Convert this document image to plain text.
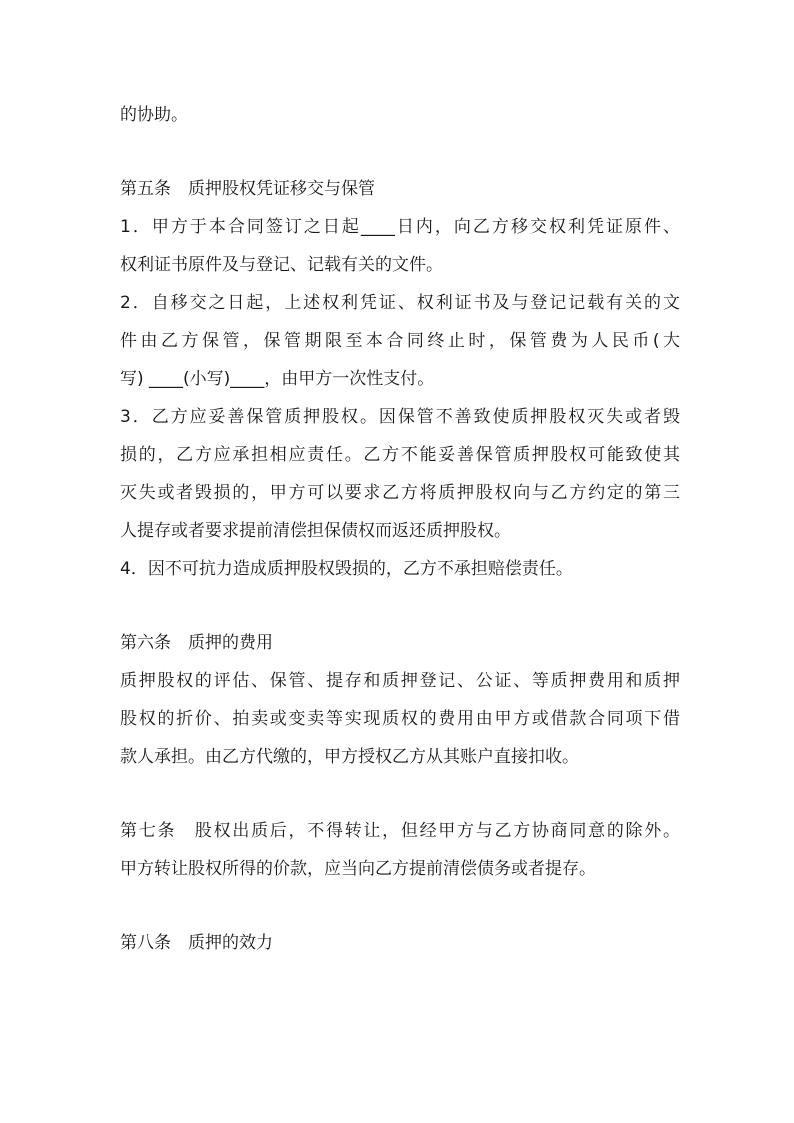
的协助。
第五条　质押股权凭证移交与保管
1．甲方于本合同签订之日起____日内，向乙方移交权利凭证原件、
权利证书原件及与登记、记载有关的文件。
2．自移交之日起，上述权利凭证、权利证书及与登记记载有关的文
件由乙方保管，保管期限至本合同终止时，保管费为人民币(大
写) ____(小写)____，由甲方一次性支付。
3．乙方应妥善保管质押股权。因保管不善致使质押股权灭失或者毁
损的，乙方应承担相应责任。乙方不能妥善保管质押股权可能致使其
灭失或者毁损的，甲方可以要求乙方将质押股权向与乙方约定的第三
人提存或者要求提前清偿担保债权而返还质押股权。
4．因不可抗力造成质押股权毁损的，乙方不承担赔偿责任。
第六条　质押的费用
质押股权的评估、保管、提存和质押登记、公证、等质押费用和质押
股权的折价、拍卖或变卖等实现质权的费用由甲方或借款合同项下借
款人承担。由乙方代缴的，甲方授权乙方从其账户直接扣收。
第七条　股权出质后，不得转让，但经甲方与乙方协商同意的除外。
甲方转让股权所得的价款，应当向乙方提前清偿债务或者提存。
第八条　质押的效力
